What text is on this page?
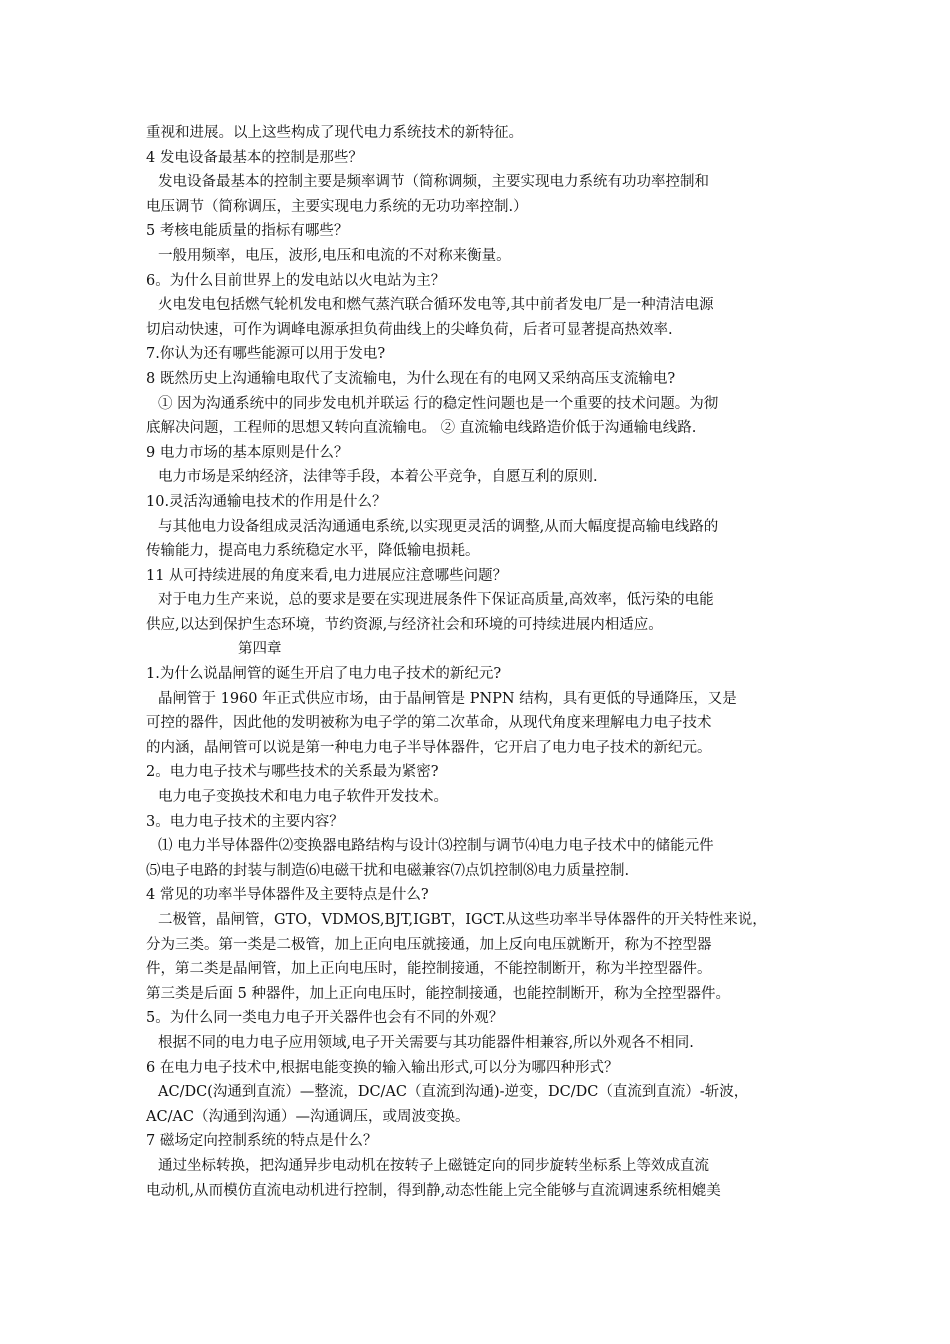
重视和进展。以上这些构成了现代电力系统技术的新特征。
4 发电设备最基本的控制是那些？
发电设备最基本的控制主要是频率调节（简称调频，主要实现电力系统有功功率控制和
电压调节（简称调压，主要实现电力系统的无功功率控制.）
5 考核电能质量的指标有哪些？
一般用频率，电压，波形,电压和电流的不对称来衡量。
6。为什么目前世界上的发电站以火电站为主？
火电发电包括燃气轮机发电和燃气蒸汽联合循环发电等,其中前者发电厂是一种清洁电源
切启动快速，可作为调峰电源承担负荷曲线上的尖峰负荷，后者可显著提高热效率.
7.你认为还有哪些能源可以用于发电?
8 既然历史上沟通输电取代了支流输电，为什么现在有的电网又采纳高压支流输电?
① 因为沟通系统中的同步发电机并联运 行的稳定性问题也是一个重要的技术问题。为彻
底解决问题，工程师的思想又转向直流输电。 ② 直流输电线路造价低于沟通输电线路.
9 电力市场的基本原则是什么？
电力市场是采纳经济，法律等手段，本着公平竞争，自愿互利的原则.
10.灵活沟通输电技术的作用是什么？
与其他电力设备组成灵活沟通通电系统,以实现更灵活的调整,从而大幅度提高输电线路的
传输能力，提高电力系统稳定水平，降低输电损耗。
11 从可持续进展的角度来看,电力进展应注意哪些问题？
对于电力生产来说，总的要求是要在实现进展条件下保证高质量,高效率，低污染的电能
供应,以达到保护生态环境，节约资源,与经济社会和环境的可持续进展内相适应。
第四章
1.为什么说晶闸管的诞生开启了电力电子技术的新纪元?
晶闸管于 1960 年正式供应市场，由于晶闸管是 PNPN 结构，具有更低的导通降压，又是
可控的器件，因此他的发明被称为电子学的第二次革命，从现代角度来理解电力电子技术
的内涵，晶闸管可以说是第一种电力电子半导体器件，它开启了电力电子技术的新纪元。
2。电力电子技术与哪些技术的关系最为紧密?
电力电子变换技术和电力电子软件开发技术。
3。电力电子技术的主要内容？
⑴ 电力半导体器件⑵变换器电路结构与设计⑶控制与调节⑷电力电子技术中的储能元件
⑸电子电路的封装与制造⑹电磁干扰和电磁兼容⑺点饥控制⑻电力质量控制.
4 常见的功率半导体器件及主要特点是什么?
二极管，晶闸管，GTO，VDMOS,BJT,IGBT，IGCT.从这些功率半导体器件的开关特性来说，
分为三类。第一类是二极管，加上正向电压就接通，加上反向电压就断开，称为不控型器
件，第二类是晶闸管，加上正向电压时，能控制接通，不能控制断开，称为半控型器件。
第三类是后面 5 种器件，加上正向电压时，能控制接通，也能控制断开，称为全控型器件。
5。为什么同一类电力电子开关器件也会有不同的外观？
根据不同的电力电子应用领域,电子开关需要与其功能器件相兼容,所以外观各不相同.
6 在电力电子技术中,根据电能变换的输入输出形式,可以分为哪四种形式？
AC/DC(沟通到直流）—整流，DC/AC（直流到沟通)-逆变，DC/DC（直流到直流）-斩波，
AC/AC（沟通到沟通）—沟通调压，或周波变换。
7 磁场定向控制系统的特点是什么？
通过坐标转换，把沟通异步电动机在按转子上磁链定向的同步旋转坐标系上等效成直流
电动机,从而模仿直流电动机进行控制，得到静,动态性能上完全能够与直流调速系统相媲美
